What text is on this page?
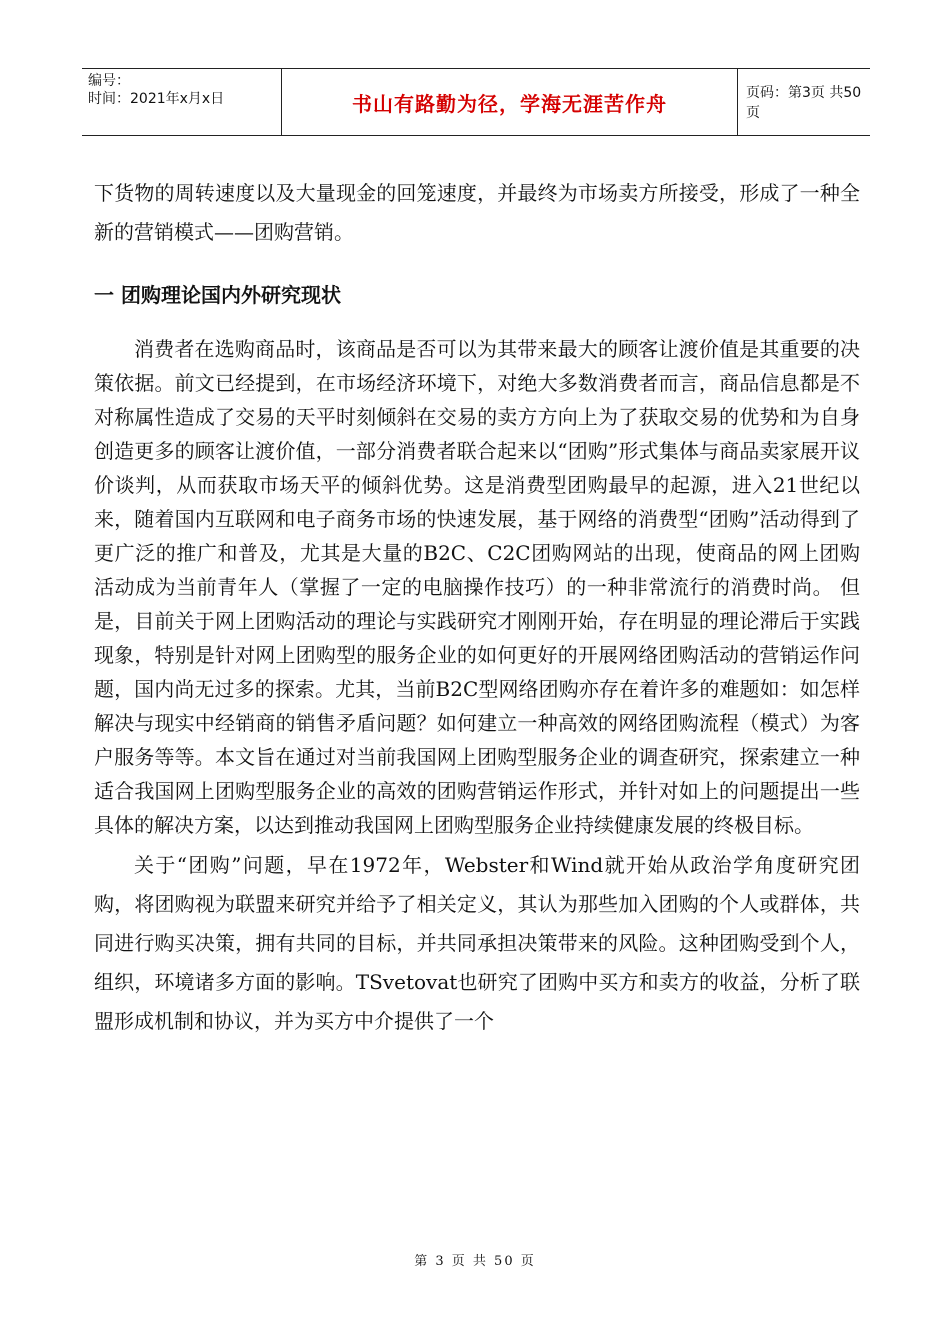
编号：
时间：2021年x月x日	书山有路勤为径，学海无涯苦作舟	页码：第3页 共50页

下货物的周转速度以及大量现金的回笼速度，并最终为市场卖方所接受，形成了一种全新的营销模式——团购营销。

一 团购理论国内外研究现状

消费者在选购商品时，该商品是否可以为其带来最大的顾客让渡价值是其重要的决策依据。前文已经提到，在市场经济环境下，对绝大多数消费者而言，商品信息都是不对称属性造成了交易的天平时刻倾斜在交易的卖方方向上为了获取交易的优势和为自身创造更多的顾客让渡价值，一部分消费者联合起来以“团购”形式集体与商品卖家展开议价谈判，从而获取市场天平的倾斜优势。这是消费型团购最早的起源，进入21世纪以来，随着国内互联网和电子商务市场的快速发展，基于网络的消费型“团购”活动得到了更广泛的推广和普及，尤其是大量的B2C、C2C团购网站的出现，使商品的网上团购活动成为当前青年人（掌握了一定的电脑操作技巧）的一种非常流行的消费时尚。 但是，目前关于网上团购活动的理论与实践研究才刚刚开始，存在明显的理论滞后于实践现象，特别是针对网上团购型的服务企业的如何更好的开展网络团购活动的营销运作问题，国内尚无过多的探索。尤其，当前B2C型网络团购亦存在着许多的难题如：如怎样解决与现实中经销商的销售矛盾问题？如何建立一种高效的网络团购流程（模式）为客户服务等等。本文旨在通过对当前我国网上团购型服务企业的调查研究，探索建立一种适合我国网上团购型服务企业的高效的团购营销运作形式，并针对如上的问题提出一些具体的解决方案，以达到推动我国网上团购型服务企业持续健康发展的终极目标。

关于“团购”问题，早在1972年，Webster和Wind就开始从政治学角度研究团购，将团购视为联盟来研究并给予了相关定义，其认为那些加入团购的个人或群体，共同进行购买决策，拥有共同的目标，并共同承担决策带来的风险。这种团购受到个人，组织，环境诸多方面的影响。TSvetovat也研究了团购中买方和卖方的收益，分析了联盟形成机制和协议，并为买方中介提供了一个

第 3 页 共 50 页
